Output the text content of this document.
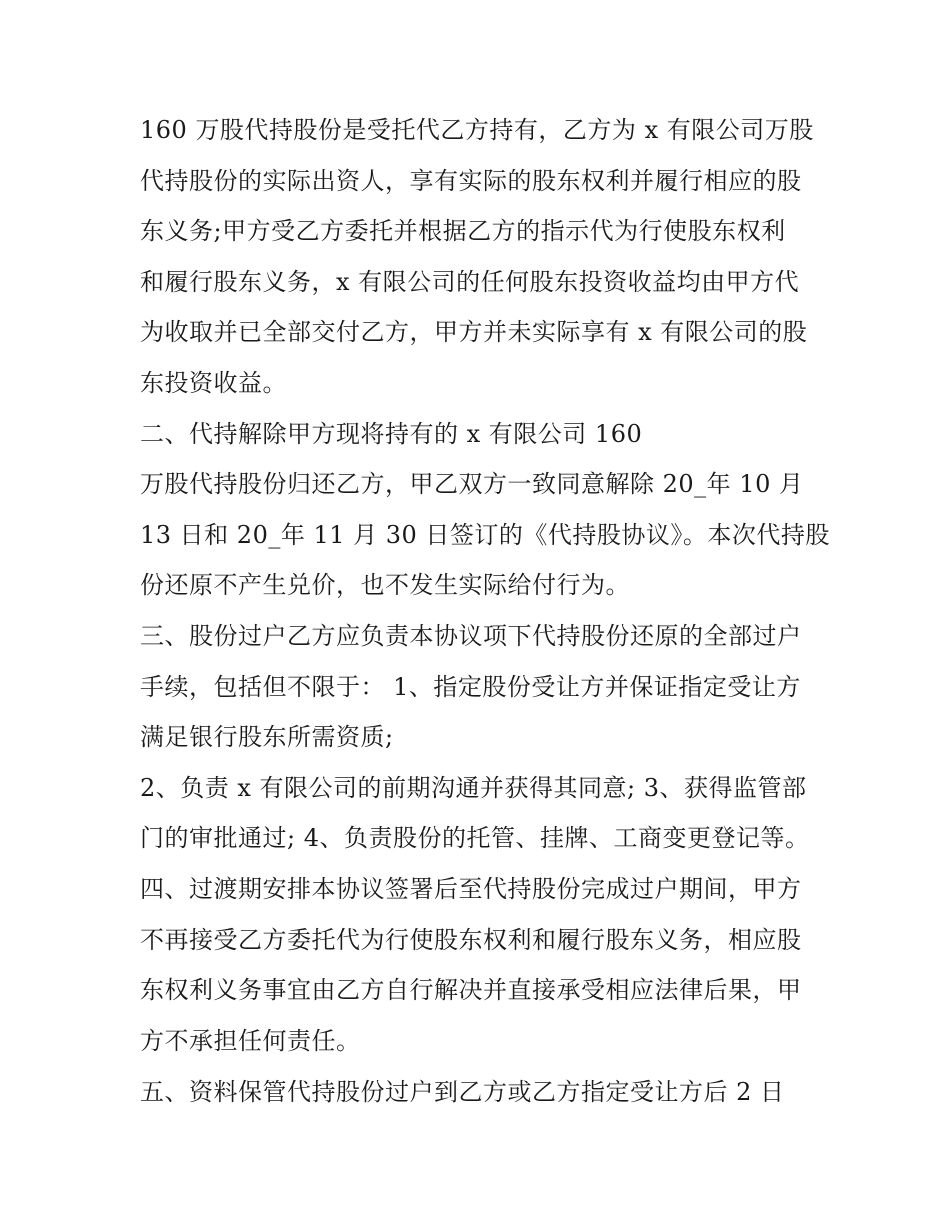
160 万股代持股份是受托代乙方持有，乙方为 x 有限公司万股
代持股份的实际出资人，享有实际的股东权利并履行相应的股
东义务;甲方受乙方委托并根据乙方的指示代为行使股东权利
和履行股东义务，x 有限公司的任何股东投资收益均由甲方代
为收取并已全部交付乙方，甲方并未实际享有 x 有限公司的股
东投资收益。
二、代持解除甲方现将持有的 x 有限公司 160
万股代持股份归还乙方，甲乙双方一致同意解除 20_年 10 月
13 日和 20_年 11 月 30 日签订的《代持股协议》。本次代持股
份还原不产生兑价，也不发生实际给付行为。
三、股份过户乙方应负责本协议项下代持股份还原的全部过户
手续，包括但不限于： 1、指定股份受让方并保证指定受让方
满足银行股东所需资质;
2、负责 x 有限公司的前期沟通并获得其同意; 3、获得监管部
门的审批通过; 4、负责股份的托管、挂牌、工商变更登记等。
四、过渡期安排本协议签署后至代持股份完成过户期间，甲方
不再接受乙方委托代为行使股东权利和履行股东义务，相应股
东权利义务事宜由乙方自行解决并直接承受相应法律后果，甲
方不承担任何责任。
五、资料保管代持股份过户到乙方或乙方指定受让方后 2 日
